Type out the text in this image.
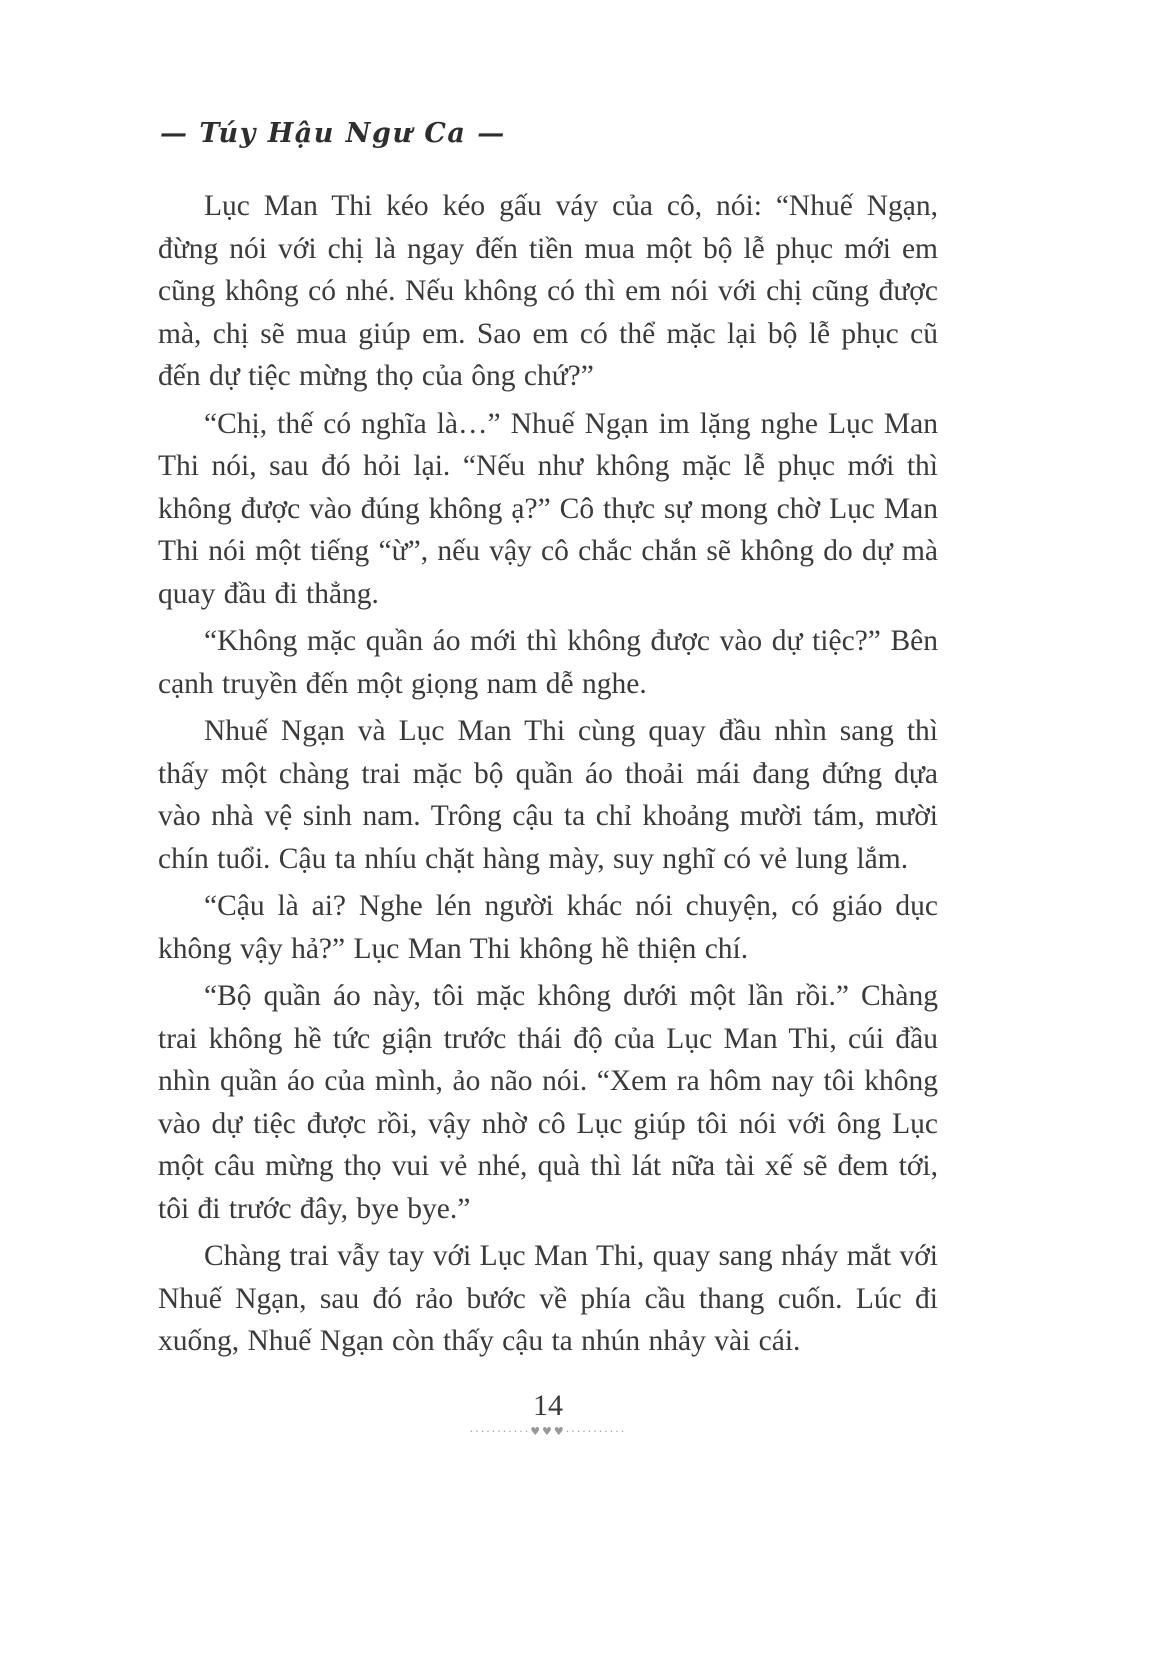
— Túy Hậu Ngư Ca —

Lục Man Thi kéo kéo gấu váy của cô, nói: “Nhuế Ngạn, đừng nói với chị là ngay đến tiền mua một bộ lễ phục mới em cũng không có nhé. Nếu không có thì em nói với chị cũng được mà, chị sẽ mua giúp em. Sao em có thể mặc lại bộ lễ phục cũ đến dự tiệc mừng thọ của ông chứ?”

“Chị, thế có nghĩa là…” Nhuế Ngạn im lặng nghe Lục Man Thi nói, sau đó hỏi lại. “Nếu như không mặc lễ phục mới thì không được vào đúng không ạ?” Cô thực sự mong chờ Lục Man Thi nói một tiếng “ừ”, nếu vậy cô chắc chắn sẽ không do dự mà quay đầu đi thẳng.

“Không mặc quần áo mới thì không được vào dự tiệc?” Bên cạnh truyền đến một giọng nam dễ nghe.

Nhuế Ngạn và Lục Man Thi cùng quay đầu nhìn sang thì thấy một chàng trai mặc bộ quần áo thoải mái đang đứng dựa vào nhà vệ sinh nam. Trông cậu ta chỉ khoảng mười tám, mười chín tuổi. Cậu ta nhíu chặt hàng mày, suy nghĩ có vẻ lung lắm.

“Cậu là ai? Nghe lén người khác nói chuyện, có giáo dục không vậy hả?” Lục Man Thi không hề thiện chí.

“Bộ quần áo này, tôi mặc không dưới một lần rồi.” Chàng trai không hề tức giận trước thái độ của Lục Man Thi, cúi đầu nhìn quần áo của mình, ảo não nói. “Xem ra hôm nay tôi không vào dự tiệc được rồi, vậy nhờ cô Lục giúp tôi nói với ông Lục một câu mừng thọ vui vẻ nhé, quà thì lát nữa tài xế sẽ đem tới, tôi đi trước đây, bye bye.”

Chàng trai vẫy tay với Lục Man Thi, quay sang nháy mắt với Nhuế Ngạn, sau đó rảo bước về phía cầu thang cuốn. Lúc đi xuống, Nhuế Ngạn còn thấy cậu ta nhún nhảy vài cái.

14
···········♥♥♥···········
